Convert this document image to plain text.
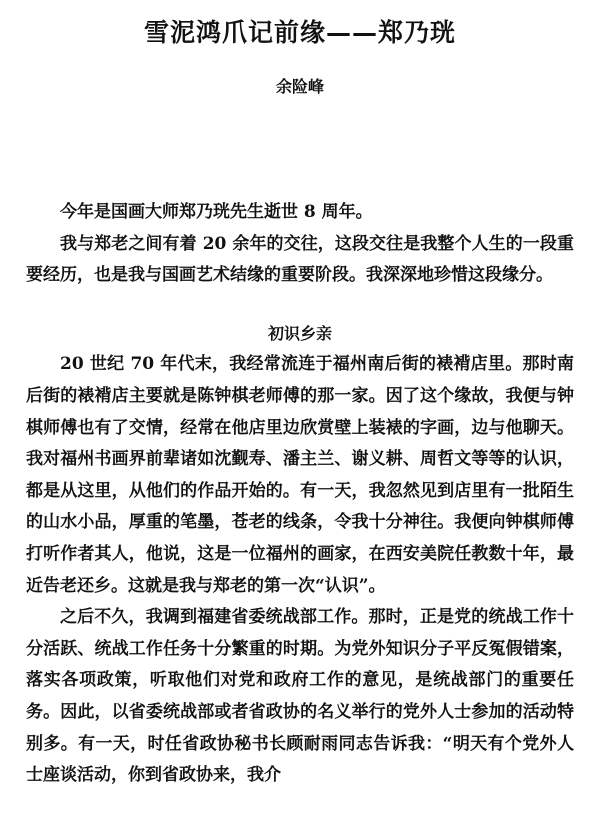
雪泥鸿爪记前缘——郑乃珖
余险峰

今年是国画大师郑乃珖先生逝世 8 周年。

我与郑老之间有着 20 余年的交往，这段交往是我整个人生的一段重要经历，也是我与国画艺术结缘的重要阶段。我深深地珍惜这段缘分。

初识乡亲

20 世纪 70 年代末，我经常流连于福州南后街的裱褙店里。那时南后街的裱褙店主要就是陈钟棋老师傅的那一家。因了这个缘故，我便与钟棋师傅也有了交情，经常在他店里边欣赏壁上装裱的字画，边与他聊天。我对福州书画界前辈诸如沈觐寿、潘主兰、谢义耕、周哲文等等的认识，都是从这里，从他们的作品开始的。有一天，我忽然见到店里有一批陌生的山水小品，厚重的笔墨，苍老的线条，令我十分神往。我便向钟棋师傅打听作者其人，他说，这是一位福州的画家，在西安美院任教数十年，最近告老还乡。这就是我与郑老的第一次“认识”。

之后不久，我调到福建省委统战部工作。那时，正是党的统战工作十分活跃、统战工作任务十分繁重的时期。为党外知识分子平反冤假错案，落实各项政策，听取他们对党和政府工作的意见，是统战部门的重要任务。因此，以省委统战部或者省政协的名义举行的党外人士参加的活动特别多。有一天，时任省政协秘书长顾耐雨同志告诉我：“明天有个党外人士座谈活动，你到省政协来，我介
